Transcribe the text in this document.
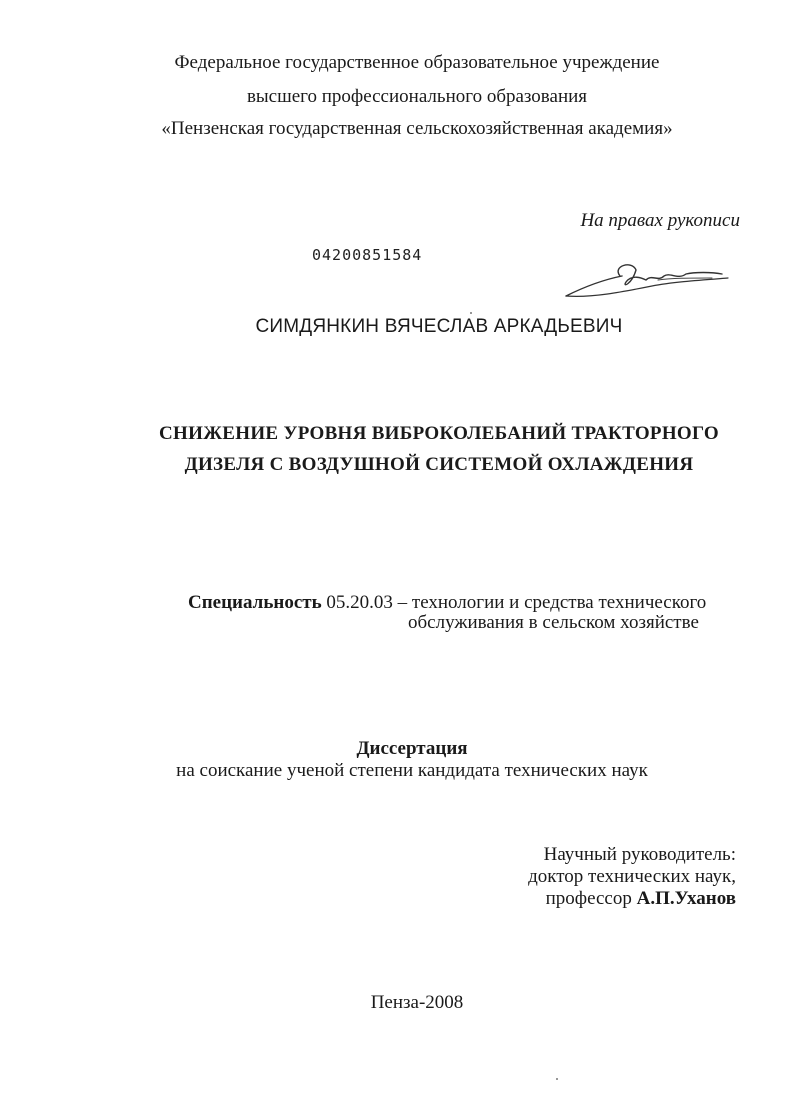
Федеральное государственное образовательное учреждение
высшего профессионального образования
«Пензенская государственная сельскохозяйственная академия»
На правах рукописи
04200851584
СИМДЯНКИН ВЯЧЕСЛАВ АРКАДЬЕВИЧ
СНИЖЕНИЕ УРОВНЯ ВИБРОКОЛЕБАНИЙ ТРАКТОРНОГО
ДИЗЕЛЯ С ВОЗДУШНОЙ СИСТЕМОЙ ОХЛАЖДЕНИЯ
Специальность 05.20.03 – технологии и средства технического
обслуживания в сельском хозяйстве
Диссертация
на соискание ученой степени кандидата технических наук
Научный руководитель:
доктор технических наук,
профессор А.П.Уханов
Пенза-2008
